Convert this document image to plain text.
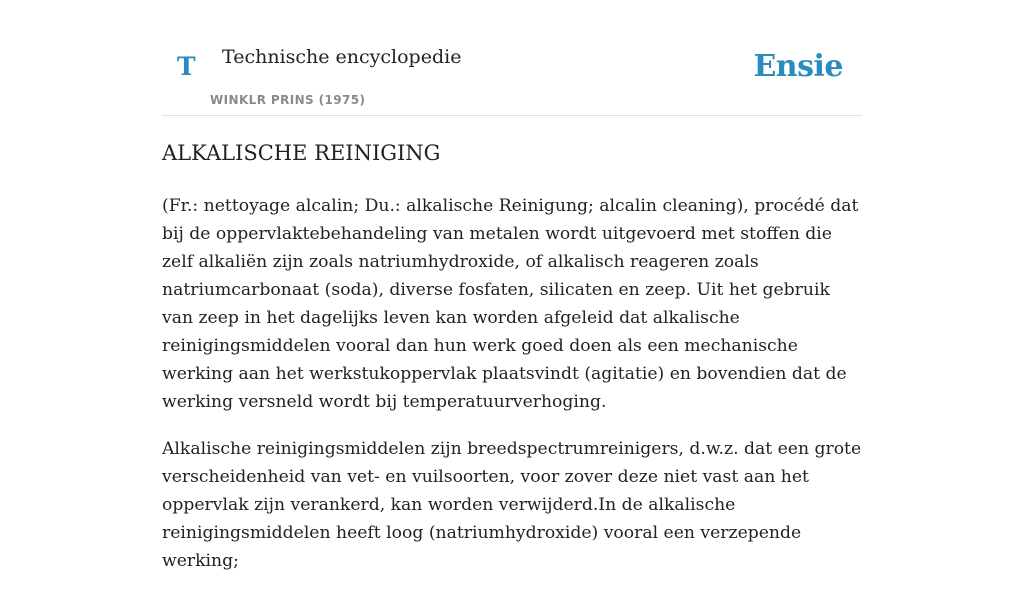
T Technische encyclopedie
WINKLR PRINS (1975)
Ensie
ALKALISCHE REINIGING

(Fr.: nettoyage alcalin; Du.: alkalische Reinigung; alcalin cleaning), procédé dat bij de oppervlaktebehandeling van metalen wordt uitgevoerd met stoffen die zelf alkaliën zijn zoals natriumhydroxide, of alkalisch reageren zoals natriumcarbonaat (soda), diverse fosfaten, silicaten en zeep. Uit het gebruik van zeep in het dagelijks leven kan worden afgeleid dat alkalische reinigingsmiddelen vooral dan hun werk goed doen als een mechanische werking aan het werkstukoppervlak plaatsvindt (agitatie) en bovendien dat de werking versneld wordt bij temperatuurverhoging.

Alkalische reinigingsmiddelen zijn breedspectrumreinigers, d.w.z. dat een grote verscheidenheid van vet- en vuilsoorten, voor zover deze niet vast aan het oppervlak zijn verankerd, kan worden verwijderd.In de alkalische reinigingsmiddelen heeft loog (natriumhydroxide) vooral een verzepende werking;
